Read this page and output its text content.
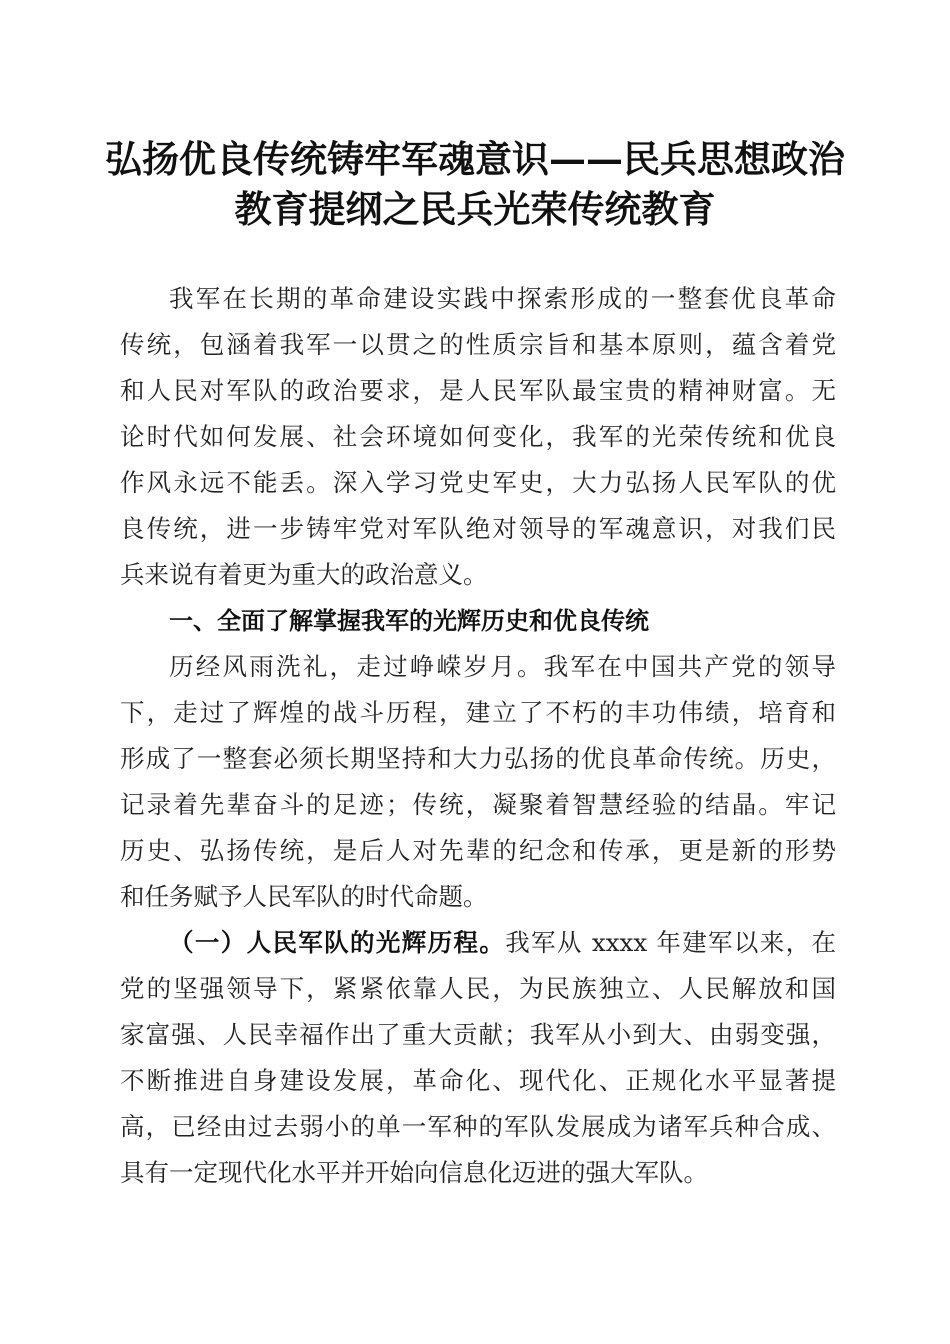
弘扬优良传统铸牢军魂意识——民兵思想政治
教育提纲之民兵光荣传统教育
我军在长期的革命建设实践中探索形成的一整套优良革命
传统，包涵着我军一以贯之的性质宗旨和基本原则，蕴含着党
和人民对军队的政治要求，是人民军队最宝贵的精神财富。无
论时代如何发展、社会环境如何变化，我军的光荣传统和优良
作风永远不能丢。深入学习党史军史，大力弘扬人民军队的优
良传统，进一步铸牢党对军队绝对领导的军魂意识，对我们民
兵来说有着更为重大的政治意义。
一、全面了解掌握我军的光辉历史和优良传统
历经风雨洗礼，走过峥嵘岁月。我军在中国共产党的领导
下，走过了辉煌的战斗历程，建立了不朽的丰功伟绩，培育和
形成了一整套必须长期坚持和大力弘扬的优良革命传统。历史，
记录着先辈奋斗的足迹；传统，凝聚着智慧经验的结晶。牢记
历史、弘扬传统，是后人对先辈的纪念和传承，更是新的形势
和任务赋予人民军队的时代命题。
（一）人民军队的光辉历程。我军从 xxxx 年建军以来，在
党的坚强领导下，紧紧依靠人民，为民族独立、人民解放和国
家富强、人民幸福作出了重大贡献；我军从小到大、由弱变强，
不断推进自身建设发展，革命化、现代化、正规化水平显著提
高，已经由过去弱小的单一军种的军队发展成为诸军兵种合成、
具有一定现代化水平并开始向信息化迈进的强大军队。
